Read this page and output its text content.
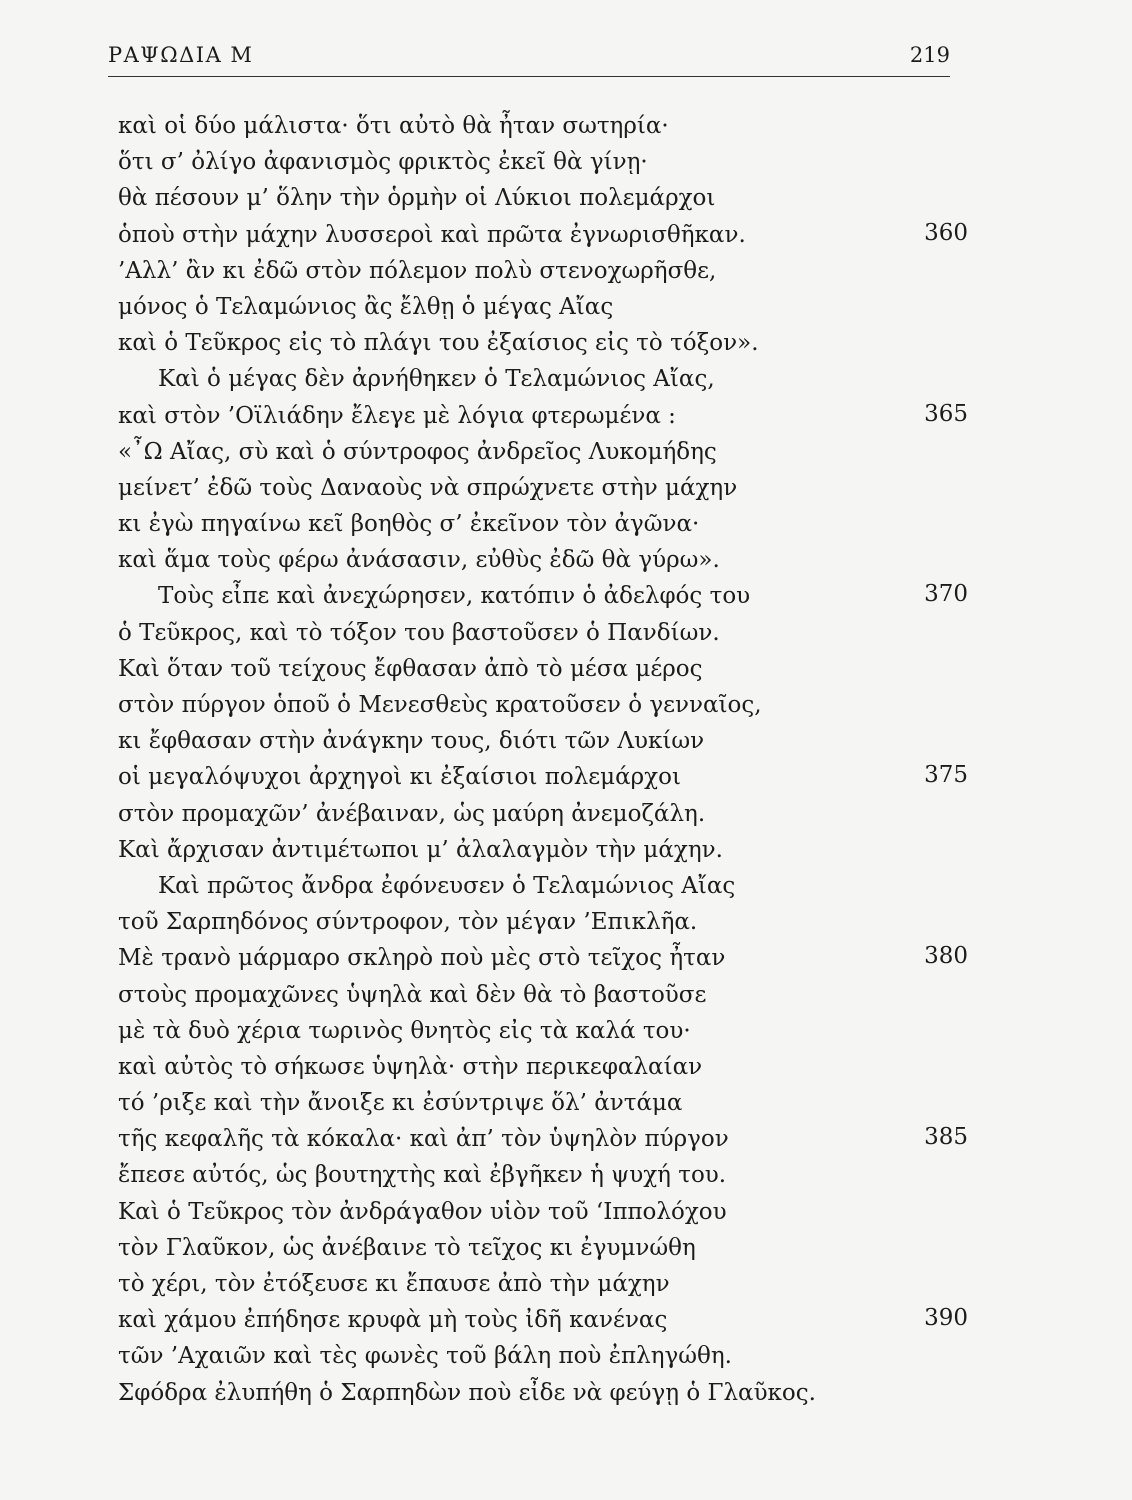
ΡΑΨΩΔΙΑ Μ	219
καὶ οἱ δύο μάλιστα· ὅτι αὐτὸ θὰ ἦταν σωτηρία·
ὅτι σ’ ὀλίγο ἀφανισμὸς φρικτὸς ἐκεῖ θὰ γίνῃ·
θὰ πέσουν μ’ ὅλην τὴν ὁρμὴν οἱ Λύκιοι πολεμάρχοι
ὁποὺ στὴν μάχην λυσσεροὶ καὶ πρῶτα ἐγνωρισθῆκαν.	360
’Αλλ’ ἂν κι ἐδῶ στὸν πόλεμον πολὺ στενοχωρῆσθε,
μόνος ὁ Τελαμώνιος ἂς ἔλθῃ ὁ μέγας Αἴας
καὶ ὁ Τεῦκρος εἰς τὸ πλάγι του ἐξαίσιος εἰς τὸ τόξον».
Καὶ ὁ μέγας δὲν ἀρνήθηκεν ὁ Τελαμώνιος Αἴας,
καὶ στὸν ’Οϊλιάδην ἔλεγε μὲ λόγια φτερωμένα :	365
«῏Ω Αἴας, σὺ καὶ ὁ σύντροφος ἀνδρεῖος Λυκομήδης
μείνετ’ ἐδῶ τοὺς Δαναοὺς νὰ σπρώχνετε στὴν μάχην
κι ἐγὼ πηγαίνω κεῖ βοηθὸς σ’ ἐκεῖνον τὸν ἀγῶνα·
καὶ ἅμα τοὺς φέρω ἀνάσασιν, εὐθὺς ἐδῶ θὰ γύρω».
Τοὺς εἶπε καὶ ἀνεχώρησεν, κατόπιν ὁ ἀδελφός του	370
ὁ Τεῦκρος, καὶ τὸ τόξον του βαστοῦσεν ὁ Πανδίων.
Καὶ ὅταν τοῦ τείχους ἔφθασαν ἀπὸ τὸ μέσα μέρος
στὸν πύργον ὁπoῦ ὁ Μενεσθεὺς κρατοῦσεν ὁ γενναῖος,
κι ἔφθασαν στὴν ἀνάγκην τους, διότι τῶν Λυκίων
οἱ μεγαλόψυχοι ἀρχηγοὶ κι ἐξαίσιοι πολεμάρχοι	375
στὸν προμαχῶν’ ἀνέβαιναν, ὡς μαύρη ἀνεμοζάλη.
Καὶ ἄρχισαν ἀντιμέτωποι μ’ ἀλαλαγμὸν τὴν μάχην.
Καὶ πρῶτος ἄνδρα ἐφόνευσεν ὁ Τελαμώνιος Αἴας
τοῦ Σαρπηδόνος σύντροφον, τὸν μέγαν ’Επικλῆα.
Μὲ τρανὸ μάρμαρο σκληρὸ ποὺ μὲς στὸ τεῖχος ἦταν	380
στοὺς προμαχῶνες ὑψηλὰ καὶ δὲν θὰ τὸ βαστοῦσε
μὲ τὰ δυὸ χέρια τωρινὸς θνητὸς εἰς τὰ καλά του·
καὶ αὐτὸς τὸ σήκωσε ὑψηλὰ· στὴν περικεφαλαίαν
τό ’ριξε καὶ τὴν ἄνοιξε κι ἐσύντριψε ὅλ’ ἀντάμα
τῆς κεφαλῆς τὰ κόκαλα· καὶ ἀπ’ τὸν ὑψηλὸν πύργον	385
ἔπεσε αὐτός, ὡς βουτηχτὴς καὶ ἐβγῆκεν ἡ ψυχή του.
Καὶ ὁ Τεῦκρος τὸν ἀνδράγαθον υἱὸν τοῦ ‘Ιππολόχου
τὸν Γλαῦκον, ὡς ἀνέβαινε τὸ τεῖχος κι ἐγυμνώθη
τὸ χέρι, τὸν ἐτόξευσε κι ἔπαυσε ἀπὸ τὴν μάχην
καὶ χάμου ἐπήδησε κρυφὰ μὴ τοὺς ἰδῆ κανένας	390
τῶν ’Αχαιῶν καὶ τὲς φωνὲς τοῦ βάλη ποὺ ἐπληγώθη.
Σφόδρα ἐλυπήθη ὁ Σαρπηδὼν ποὺ εἶδε νὰ φεύγῃ ὁ Γλαῦκος.
